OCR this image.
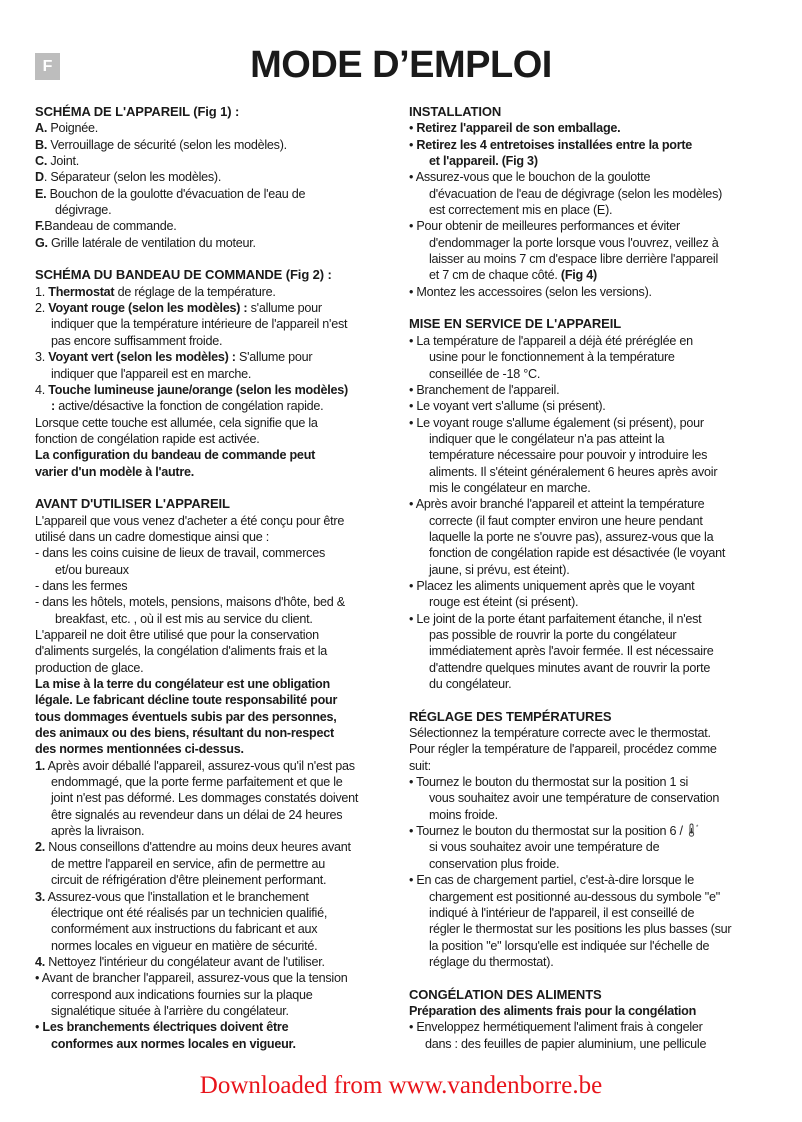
F	MODE D’EMPLOI
SCHÉMA DE L'APPAREIL (Fig 1) :
A. Poignée.
B. Verrouillage de sécurité (selon les modèles).
C. Joint.
D. Séparateur (selon les modèles).
E. Bouchon de la goulotte d'évacuation de l'eau de
dégivrage.
F.Bandeau de commande.
G. Grille latérale de ventilation du moteur.
SCHÉMA DU BANDEAU DE COMMANDE (Fig 2) :
1. Thermostat de réglage de la température.
2. Voyant rouge (selon les modèles) : s'allume pour
indiquer que la température intérieure de l'appareil n'est
pas encore suffisamment froide.
3. Voyant vert (selon les modèles) : S'allume pour
indiquer que l'appareil est en marche.
4. Touche lumineuse jaune/orange (selon les modèles)
: active/désactive la fonction de congélation rapide.
Lorsque cette touche est allumée, cela signifie que la
fonction de congélation rapide est activée.
La configuration du bandeau de commande peut
varier d'un modèle à l'autre.
AVANT D'UTILISER L'APPAREIL
L'appareil que vous venez d'acheter a été conçu pour être
utilisé dans un cadre domestique ainsi que :
- dans les coins cuisine de lieux de travail, commerces
et/ou bureaux
- dans les fermes
- dans les hôtels, motels, pensions, maisons d'hôte, bed &
breakfast, etc. , où il est mis au service du client.
L'appareil ne doit être utilisé que pour la conservation
d'aliments surgelés, la congélation d'aliments frais et la
production de glace.
La mise à la terre du congélateur est une obligation
légale. Le fabricant décline toute responsabilité pour
tous dommages éventuels subis par des personnes,
des animaux ou des biens, résultant du non-respect
des normes mentionnées ci-dessus.
1. Après avoir déballé l'appareil, assurez-vous qu'il n'est pas
endommagé, que la porte ferme parfaitement et que le
joint n'est pas déformé. Les dommages constatés doivent
être signalés au revendeur dans un délai de 24 heures
après la livraison.
2. Nous conseillons d'attendre au moins deux heures avant
de mettre l'appareil en service, afin de permettre au
circuit de réfrigération d'être pleinement performant.
3. Assurez-vous que l'installation et le branchement
électrique ont été réalisés par un technicien qualifié,
conformément aux instructions du fabricant et aux
normes locales en vigueur en matière de sécurité.
4. Nettoyez l'intérieur du congélateur avant de l'utiliser.
• Avant de brancher l'appareil, assurez-vous que la tension
correspond aux indications fournies sur la plaque
signalétique située à l'arrière du congélateur.
• Les branchements électriques doivent être
conformes aux normes locales en vigueur.
INSTALLATION
• Retirez l'appareil de son emballage.
• Retirez les 4 entretoises installées entre la porte
et l'appareil. (Fig 3)
• Assurez-vous que le bouchon de la goulotte
d'évacuation de l'eau de dégivrage (selon les modèles)
est correctement mis en place (E).
• Pour obtenir de meilleures performances et éviter
d'endommager la porte lorsque vous l'ouvrez, veillez à
laisser au moins 7 cm d'espace libre derrière l'appareil
et 7 cm de chaque côté. (Fig 4)
• Montez les accessoires (selon les versions).
MISE EN SERVICE DE L'APPAREIL
• La température de l'appareil a déjà été préréglée en
usine pour le fonctionnement à la température
conseillée de -18 °C.
• Branchement de l'appareil.
• Le voyant vert s'allume (si présent).
• Le voyant rouge s'allume également (si présent), pour
indiquer que le congélateur n'a pas atteint la
température nécessaire pour pouvoir y introduire les
aliments. Il s'éteint généralement 6 heures après avoir
mis le congélateur en marche.
• Après avoir branché l'appareil et atteint la température
correcte (il faut compter environ une heure pendant
laquelle la porte ne s'ouvre pas), assurez-vous que la
fonction de congélation rapide est désactivée (le voyant
jaune, si prévu, est éteint).
• Placez les aliments uniquement après que le voyant
rouge est éteint (si présent).
• Le joint de la porte étant parfaitement étanche, il n'est
pas possible de rouvrir la porte du congélateur
immédiatement après l'avoir fermée. Il est nécessaire
d'attendre quelques minutes avant de rouvrir la porte
du congélateur.
RÉGLAGE DES TEMPÉRATURES
Sélectionnez la température correcte avec le thermostat.
Pour régler la température de l'appareil, procédez comme
suit:
• Tournez le bouton du thermostat sur la position 1 si
vous souhaitez avoir une température de conservation
moins froide.
• Tournez le bouton du thermostat sur la position 6 / *
si vous souhaitez avoir une température de
conservation plus froide.
• En cas de chargement partiel, c'est-à-dire lorsque le
chargement est positionné au-dessous du symbole "e"
indiqué à l'intérieur de l'appareil, il est conseillé de
régler le thermostat sur les positions les plus basses (sur
la position "e" lorsqu'elle est indiquée sur l'échelle de
réglage du thermostat).
CONGÉLATION DES ALIMENTS
Préparation des aliments frais pour la congélation
• Enveloppez hermétiquement l'aliment frais à congeler
dans : des feuilles de papier aluminium, une pellicule
Downloaded from www.vandenborre.be
